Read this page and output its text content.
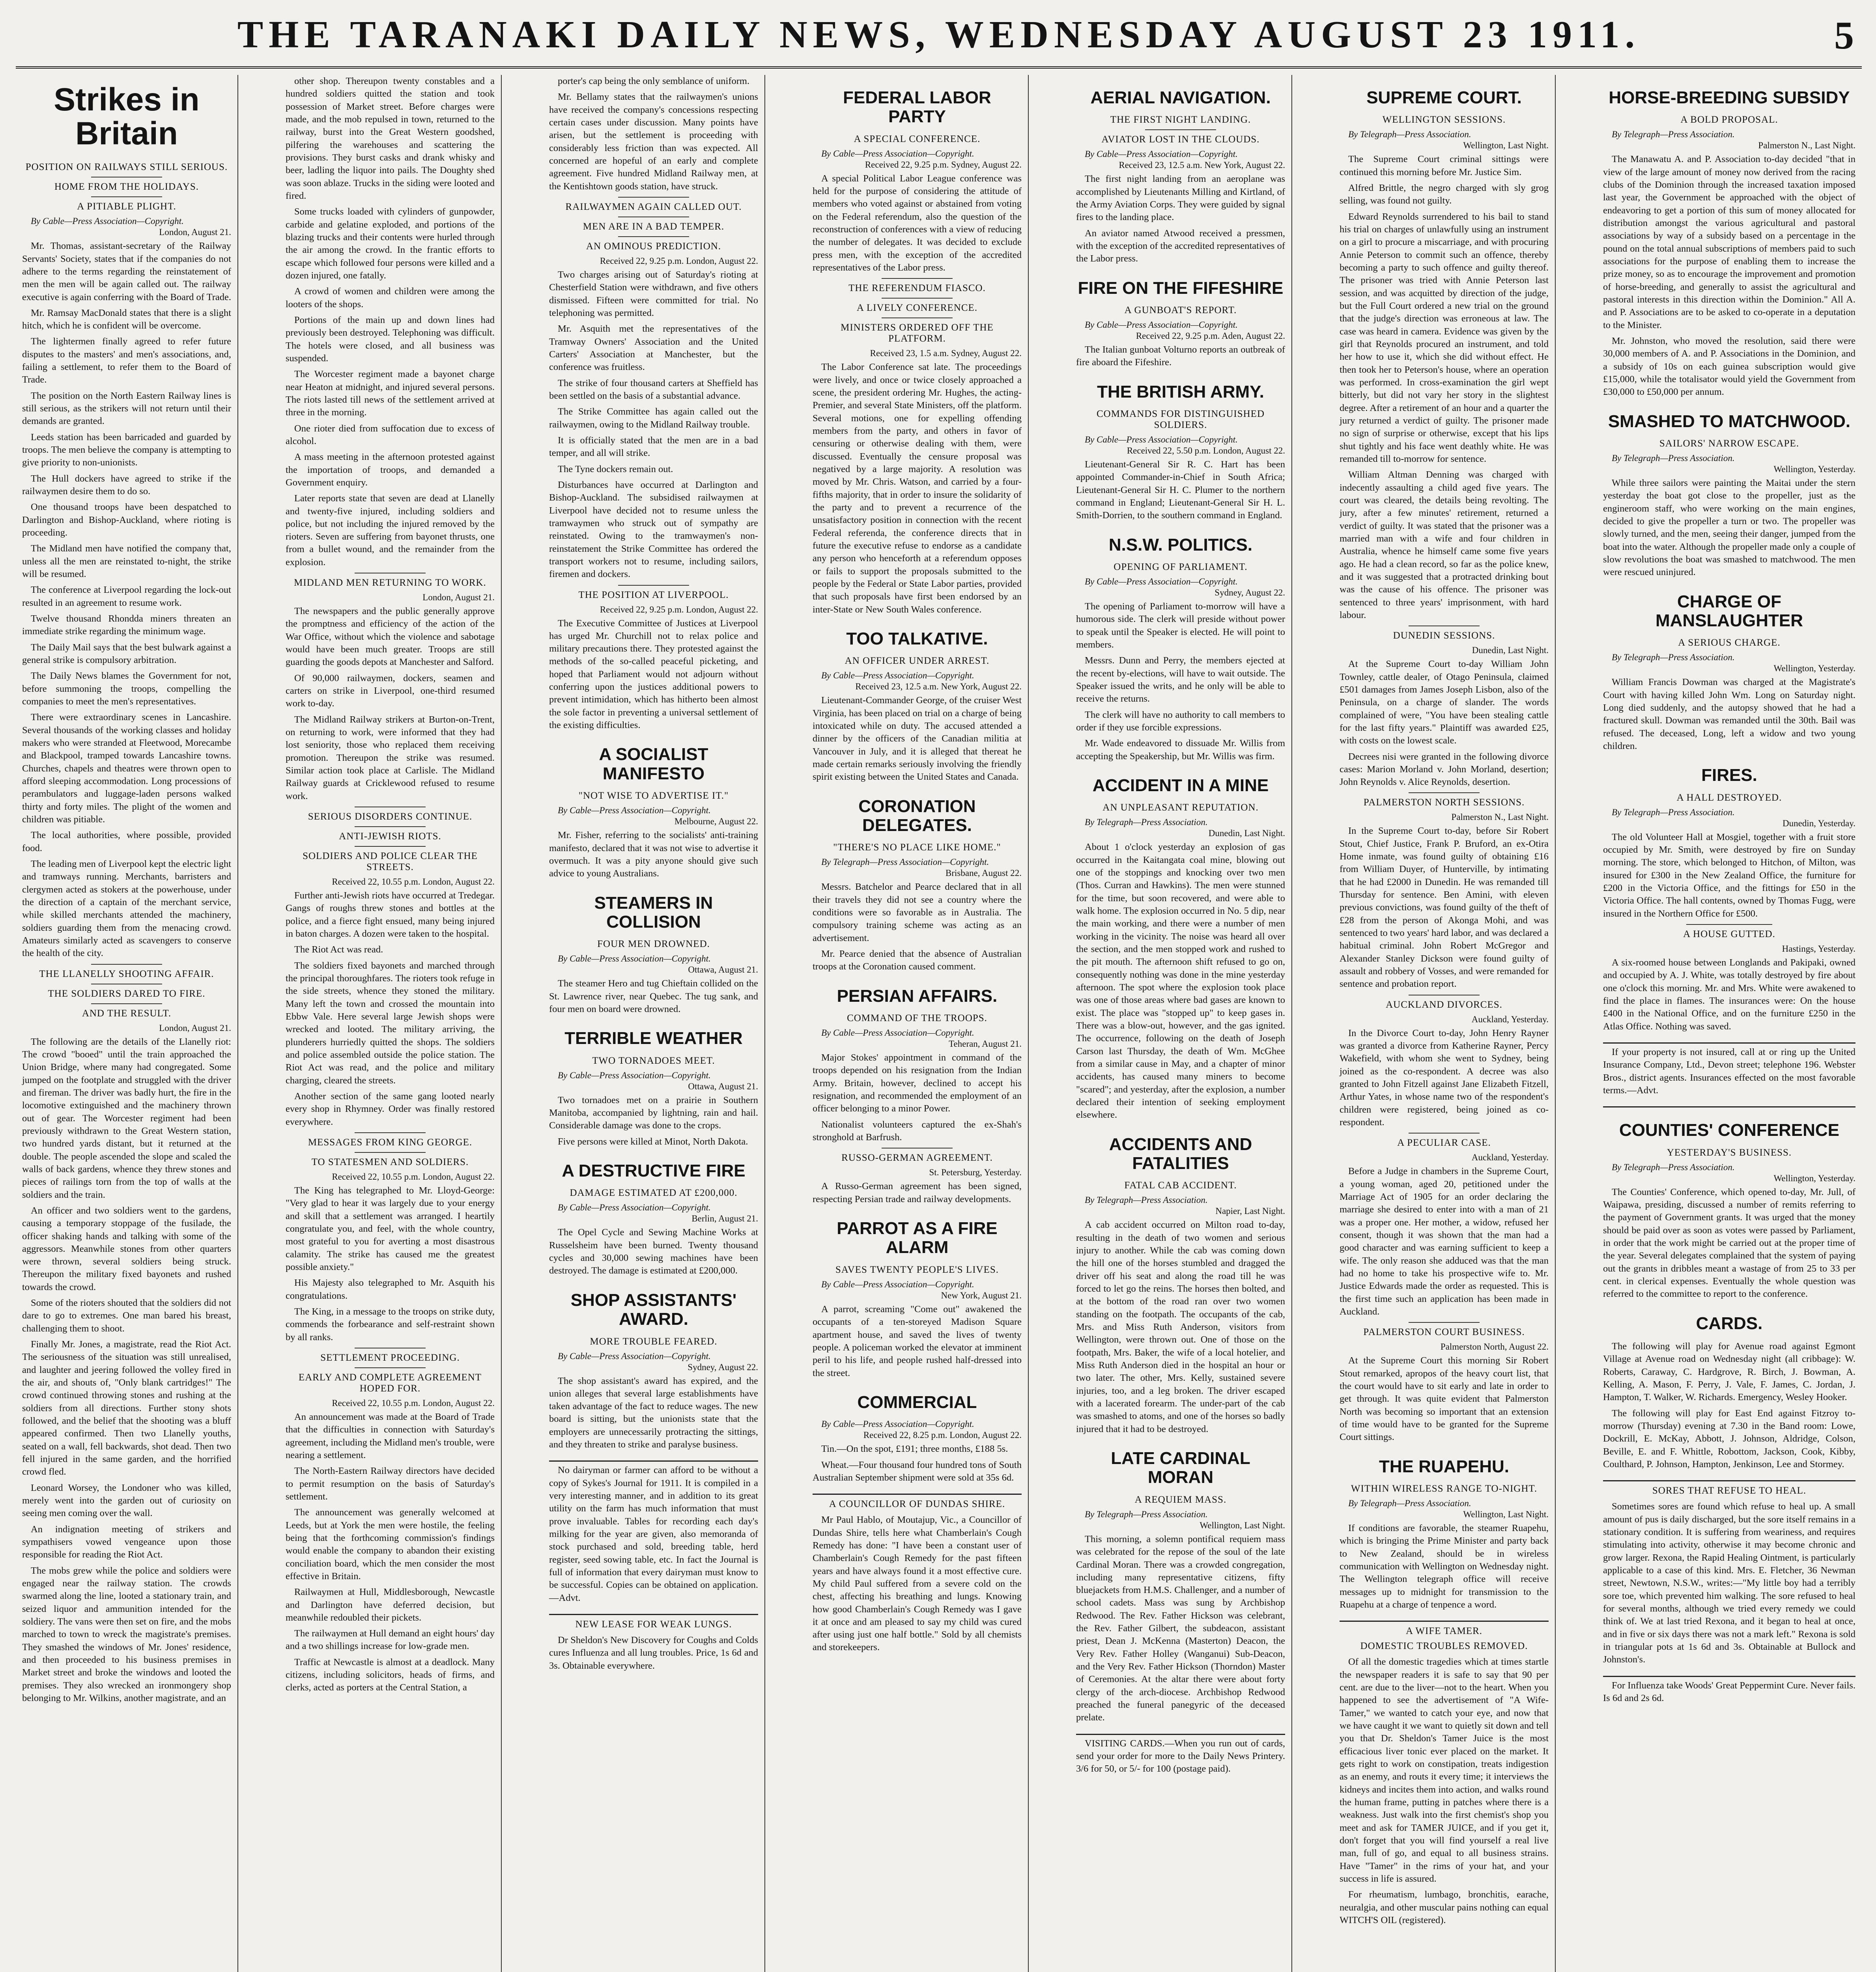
THE TARANAKI DAILY NEWS, WEDNESDAY AUGUST 23 1911.	5
Strikes in Britain
POSITION ON RAILWAYS STILL SERIOUS.
HOME FROM THE HOLIDAYS.
A PITIABLE PLIGHT.
By Cable—Press Association—Copyright.
London, August 21.

Mr. Thomas, assistant-secretary of the Railway Servants' Society, states that if the companies do not adhere to the terms regarding the reinstatement of men the men will be again called out. The railway executive is again conferring with the Board of Trade.

Mr. Ramsay MacDonald states that there is a slight hitch, which he is confident will be overcome.

The lightermen finally agreed to refer future disputes to the masters' and men's associations, and, failing a settlement, to refer them to the Board of Trade.

The position on the North Eastern Railway lines is still serious, as the strikers will not return until their demands are granted.

Leeds station has been barricaded and guarded by troops. The men believe the company is attempting to give priority to non-unionists.

The Hull dockers have agreed to strike if the railwaymen desire them to do so.

One thousand troops have been despatched to Darlington and Bishop-Auckland, where rioting is proceeding.

The Midland men have notified the company that, unless all the men are reinstated to-night, the strike will be resumed.

The conference at Liverpool regarding the lock-out resulted in an agreement to resume work.

Twelve thousand Rhondda miners threaten an immediate strike regarding the minimum wage.

The Daily Mail says that the best bulwark against a general strike is compulsory arbitration.

The Daily News blames the Government for not, before summoning the troops, compelling the companies to meet the men's representatives.

There were extraordinary scenes in Lancashire. Several thousands of the working classes and holiday makers who were stranded at Fleetwood, Morecambe and Blackpool, tramped towards Lancashire towns. Churches, chapels and theatres were thrown open to afford sleeping accommodation. Long processions of perambulators and luggage-laden persons walked thirty and forty miles. The plight of the women and children was pitiable.

The local authorities, where possible, provided food.

The leading men of Liverpool kept the electric light and tramways running. Merchants, barristers and clergymen acted as stokers at the powerhouse, under the direction of a captain of the merchant service, while skilled merchants attended the machinery, soldiers guarding them from the menacing crowd. Amateurs similarly acted as scavengers to conserve the health of the city.

THE LLANELLY SHOOTING AFFAIR.
THE SOLDIERS DARED TO FIRE.
AND THE RESULT.
London, August 21.

The following are the details of the Llanelly riot: The crowd "booed" until the train approached the Union Bridge, where many had congregated. Some jumped on the footplate and struggled with the driver and fireman. The driver was badly hurt, the fire in the locomotive extinguished and the machinery thrown out of gear. The Worcester regiment had been previously withdrawn to the Great Western station, two hundred yards distant, but it returned at the double. The people ascended the slope and scaled the walls of back gardens, whence they threw stones and pieces of railings torn from the top of walls at the soldiers and the train.

An officer and two soldiers went to the gardens, causing a temporary stoppage of the fusilade, the officer shaking hands and talking with some of the aggressors. Meanwhile stones from other quarters were thrown, several soldiers being struck. Thereupon the military fixed bayonets and rushed towards the crowd.

Some of the rioters shouted that the soldiers did not dare to go to extremes. One man bared his breast, challenging them to shoot.

Finally Mr. Jones, a magistrate, read the Riot Act. The seriousness of the situation was still unrealised, and laughter and jeering followed the volley fired in the air, and shouts of, "Only blank cartridges!" The crowd continued throwing stones and rushing at the soldiers from all directions. Further stony shots followed, and the belief that the shooting was a bluff appeared confirmed. Then two Llanelly youths, seated on a wall, fell backwards, shot dead. Then two fell injured in the same garden, and the horrified crowd fled.

Leonard Worsey, the Londoner who was killed, merely went into the garden out of curiosity on seeing men coming over the wall.

An indignation meeting of strikers and sympathisers vowed vengeance upon those responsible for reading the Riot Act.

The mobs grew while the police and soldiers were engaged near the railway station. The crowds swarmed along the line, looted a stationary train, and seized liquor and ammunition intended for the soldiery. The vans were then set on fire, and the mobs marched to town to wreck the magistrate's premises. They smashed the windows of Mr. Jones' residence, and then proceeded to his business premises in Market street and broke the windows and looted the premises. They also wrecked an ironmongery shop belonging to Mr. Wilkins, another magistrate, and an

other shop. Thereupon twenty constables and a hundred soldiers quitted the station and took possession of Market street. Before charges were made, and the mob repulsed in town, returned to the railway, burst into the Great Western goodshed, pilfering the warehouses and scattering the provisions. They burst casks and drank whisky and beer, ladling the liquor into pails. The Doughty shed was soon ablaze. Trucks in the siding were looted and fired.

Some trucks loaded with cylinders of gunpowder, carbide and gelatine exploded, and portions of the blazing trucks and their contents were hurled through the air among the crowd. In the frantic efforts to escape which followed four persons were killed and a dozen injured, one fatally.

A crowd of women and children were among the looters of the shops.

Portions of the main up and down lines had previously been destroyed. Telephoning was difficult. The hotels were closed, and all business was suspended.

The Worcester regiment made a bayonet charge near Heaton at midnight, and injured several persons. The riots lasted till news of the settlement arrived at three in the morning.

One rioter died from suffocation due to excess of alcohol.

A mass meeting in the afternoon protested against the importation of troops, and demanded a Government enquiry.

Later reports state that seven are dead at Llanelly and twenty-five injured, including soldiers and police, but not including the injured removed by the rioters. Seven are suffering from bayonet thrusts, one from a bullet wound, and the remainder from the explosion.

MIDLAND MEN RETURNING TO WORK.
London, August 21.

The newspapers and the public generally approve the promptness and efficiency of the action of the War Office, without which the violence and sabotage would have been much greater. Troops are still guarding the goods depots at Manchester and Salford.

Of 90,000 railwaymen, dockers, seamen and carters on strike in Liverpool, one-third resumed work to-day.

The Midland Railway strikers at Burton-on-Trent, on returning to work, were informed that they had lost seniority, those who replaced them receiving promotion. Thereupon the strike was resumed. Similar action took place at Carlisle. The Midland Railway guards at Cricklewood refused to resume work.

SERIOUS DISORDERS CONTINUE.
ANTI-JEWISH RIOTS.
SOLDIERS AND POLICE CLEAR THE STREETS.
Received 22, 10.55 p.m. London, August 22.

Further anti-Jewish riots have occurred at Tredegar. Gangs of roughs threw stones and bottles at the police, and a fierce fight ensued, many being injured in baton charges. A dozen were taken to the hospital.

The Riot Act was read.

The soldiers fixed bayonets and marched through the principal thoroughfares. The rioters took refuge in the side streets, whence they stoned the military. Many left the town and crossed the mountain into Ebbw Vale. Here several large Jewish shops were wrecked and looted. The military arriving, the plunderers hurriedly quitted the shops. The soldiers and police assembled outside the police station. The Riot Act was read, and the police and military charging, cleared the streets.

Another section of the same gang looted nearly every shop in Rhymney. Order was finally restored everywhere.

MESSAGES FROM KING GEORGE.
TO STATESMEN AND SOLDIERS.
Received 22, 10.55 p.m. London, August 22.

The King has telegraphed to Mr. Lloyd-George: "Very glad to hear it was largely due to your energy and skill that a settlement was arranged. I heartily congratulate you, and feel, with the whole country, most grateful to you for averting a most disastrous calamity. The strike has caused me the greatest possible anxiety."

His Majesty also telegraphed to Mr. Asquith his congratulations.

The King, in a message to the troops on strike duty, commends the forbearance and self-restraint shown by all ranks.

SETTLEMENT PROCEEDING.
EARLY AND COMPLETE AGREEMENT HOPED FOR.
Received 22, 10.55 p.m. London, August 22.

An announcement was made at the Board of Trade that the difficulties in connection with Saturday's agreement, including the Midland men's trouble, were nearing a settlement.

The North-Eastern Railway directors have decided to permit resumption on the basis of Saturday's settlement.

The announcement was generally welcomed at Leeds, but at York the men were hostile, the feeling being that the forthcoming commission's findings would enable the company to abandon their existing conciliation board, which the men consider the most effective in Britain.

Railwaymen at Hull, Middlesborough, Newcastle and Darlington have deferred decision, but meanwhile redoubled their pickets.

The railwaymen at Hull demand an eight hours' day and a two shillings increase for low-grade men.

Traffic at Newcastle is almost at a deadlock. Many citizens, including solicitors, heads of firms, and clerks, acted as porters at the Central Station, a

porter's cap being the only semblance of uniform.

Mr. Bellamy states that the railwaymen's unions have received the company's concessions respecting certain cases under discussion. Many points have arisen, but the settlement is proceeding with considerably less friction than was expected. All concerned are hopeful of an early and complete agreement. Five hundred Midland Railway men, at the Kentishtown goods station, have struck.

RAILWAYMEN AGAIN CALLED OUT.
MEN ARE IN A BAD TEMPER.
AN OMINOUS PREDICTION.
Received 22, 9.25 p.m. London, August 22.

Two charges arising out of Saturday's rioting at Chesterfield Station were withdrawn, and five others dismissed. Fifteen were committed for trial. No telephoning was permitted.

Mr. Asquith met the representatives of the Tramway Owners' Association and the United Carters' Association at Manchester, but the conference was fruitless.

The strike of four thousand carters at Sheffield has been settled on the basis of a substantial advance.

The Strike Committee has again called out the railwaymen, owing to the Midland Railway trouble.

It is officially stated that the men are in a bad temper, and all will strike.

The Tyne dockers remain out.

Disturbances have occurred at Darlington and Bishop-Auckland. The subsidised railwaymen at Liverpool have decided not to resume unless the tramwaymen who struck out of sympathy are reinstated. Owing to the tramwaymen's non-reinstatement the Strike Committee has ordered the transport workers not to resume, including sailors, firemen and dockers.

THE POSITION AT LIVERPOOL.
Received 22, 9.25 p.m. London, August 22.

The Executive Committee of Justices at Liverpool has urged Mr. Churchill not to relax police and military precautions there. They protested against the methods of the so-called peaceful picketing, and hoped that Parliament would not adjourn without conferring upon the justices additional powers to prevent intimidation, which has hitherto been almost the sole factor in preventing a universal settlement of the existing difficulties.

A SOCIALIST MANIFESTO
"NOT WISE TO ADVERTISE IT."
By Cable—Press Association—Copyright.
Melbourne, August 22.

Mr. Fisher, referring to the socialists' anti-training manifesto, declared that it was not wise to advertise it overmuch. It was a pity anyone should give such advice to young Australians.

STEAMERS IN COLLISION
FOUR MEN DROWNED.
By Cable—Press Association—Copyright.
Ottawa, August 21.

The steamer Hero and tug Chieftain collided on the St. Lawrence river, near Quebec. The tug sank, and four men on board were drowned.

TERRIBLE WEATHER
TWO TORNADOES MEET.
By Cable—Press Association—Copyright.
Ottawa, August 21.

Two tornadoes met on a prairie in Southern Manitoba, accompanied by lightning, rain and hail. Considerable damage was done to the crops.

Five persons were killed at Minot, North Dakota.

A DESTRUCTIVE FIRE
DAMAGE ESTIMATED AT £200,000.
By Cable—Press Association—Copyright.
Berlin, August 21.

The Opel Cycle and Sewing Machine Works at Russelsheim have been burned. Twenty thousand cycles and 30,000 sewing machines have been destroyed. The damage is estimated at £200,000.

SHOP ASSISTANTS' AWARD.
MORE TROUBLE FEARED.
By Cable—Press Association—Copyright.
Sydney, August 22.

The shop assistant's award has expired, and the union alleges that several large establishments have taken advantage of the fact to reduce wages. The new board is sitting, but the unionists state that the employers are unnecessarily protracting the sittings, and they threaten to strike and paralyse business.

No dairyman or farmer can afford to be without a copy of Sykes's Journal for 1911. It is compiled in a very interesting manner, and in addition to its great utility on the farm has much information that must prove invaluable. Tables for recording each day's milking for the year are given, also memoranda of stock purchased and sold, breeding table, herd register, seed sowing table, etc. In fact the Journal is full of information that every dairyman must know to be successful. Copies can be obtained on application.—Advt.

NEW LEASE FOR WEAK LUNGS.

Dr Sheldon's New Discovery for Coughs and Colds cures Influenza and all lung troubles. Price, 1s 6d and 3s. Obtainable everywhere.

FEDERAL LABOR PARTY
A SPECIAL CONFERENCE.
By Cable—Press Association—Copyright.
Received 22, 9.25 p.m. Sydney, August 22.

A special Political Labor League conference was held for the purpose of considering the attitude of members who voted against or abstained from voting on the Federal referendum, also the question of the reconstruction of conferences with a view of reducing the number of delegates. It was decided to exclude press men, with the exception of the accredited representatives of the Labor press.

THE REFERENDUM FIASCO.
A LIVELY CONFERENCE.
MINISTERS ORDERED OFF THE PLATFORM.
Received 23, 1.5 a.m. Sydney, August 22.

The Labor Conference sat late. The proceedings were lively, and once or twice closely approached a scene, the president ordering Mr. Hughes, the acting-Premier, and several State Ministers, off the platform. Several motions, one for expelling offending members from the party, and others in favor of censuring or otherwise dealing with them, were discussed. Eventually the censure proposal was negatived by a large majority. A resolution was moved by Mr. Chris. Watson, and carried by a four-fifths majority, that in order to insure the solidarity of the party and to prevent a recurrence of the unsatisfactory position in connection with the recent Federal referenda, the conference directs that in future the executive refuse to endorse as a candidate any person who henceforth at a referendum opposes or fails to support the proposals submitted to the people by the Federal or State Labor parties, provided that such proposals have first been endorsed by an inter-State or New South Wales conference.

TOO TALKATIVE.
AN OFFICER UNDER ARREST.
By Cable—Press Association—Copyright.
Received 23, 12.5 a.m. New York, August 22.

Lieutenant-Commander George, of the cruiser West Virginia, has been placed on trial on a charge of being intoxicated while on duty. The accused attended a dinner by the officers of the Canadian militia at Vancouver in July, and it is alleged that thereat he made certain remarks seriously involving the friendly spirit existing between the United States and Canada.

CORONATION DELEGATES.
"THERE'S NO PLACE LIKE HOME."
By Telegraph—Press Association—Copyright.
Brisbane, August 22.

Messrs. Batchelor and Pearce declared that in all their travels they did not see a country where the conditions were so favorable as in Australia. The compulsory training scheme was acting as an advertisement.

Mr. Pearce denied that the absence of Australian troops at the Coronation caused comment.

PERSIAN AFFAIRS.
COMMAND OF THE TROOPS.
By Cable—Press Association—Copyright.
Teheran, August 21.

Major Stokes' appointment in command of the troops depended on his resignation from the Indian Army. Britain, however, declined to accept his resignation, and recommended the employment of an officer belonging to a minor Power.

Nationalist volunteers captured the ex-Shah's stronghold at Barfrush.

RUSSO-GERMAN AGREEMENT.
St. Petersburg, Yesterday.

A Russo-German agreement has been signed, respecting Persian trade and railway developments.

PARROT AS A FIRE ALARM
SAVES TWENTY PEOPLE'S LIVES.
By Cable—Press Association—Copyright.
New York, August 21.

A parrot, screaming "Come out" awakened the occupants of a ten-storeyed Madison Square apartment house, and saved the lives of twenty people. A policeman worked the elevator at imminent peril to his life, and people rushed half-dressed into the street.

COMMERCIAL
By Cable—Press Association—Copyright.
Received 22, 8.25 p.m. London, August 22.

Tin.—On the spot, £191; three months, £188 5s.

Wheat.—Four thousand four hundred tons of South Australian September shipment were sold at 35s 6d.

A COUNCILLOR OF DUNDAS SHIRE.

Mr Paul Hablo, of Moutajup, Vic., a Councillor of Dundas Shire, tells here what Chamberlain's Cough Remedy has done: "I have been a constant user of Chamberlain's Cough Remedy for the past fifteen years and have always found it a most effective cure. My child Paul suffered from a severe cold on the chest, affecting his breathing and lungs. Knowing how good Chamberlain's Cough Remedy was I gave it at once and am pleased to say my child was cured after using just one half bottle." Sold by all chemists and storekeepers.

AERIAL NAVIGATION.
THE FIRST NIGHT LANDING.
AVIATOR LOST IN THE CLOUDS.
By Cable—Press Association—Copyright.
Received 23, 12.5 a.m. New York, August 22.

The first night landing from an aeroplane was accomplished by Lieutenants Milling and Kirtland, of the Army Aviation Corps. They were guided by signal fires to the landing place.

An aviator named Atwood received a pressmen, with the exception of the accredited representatives of the Labor press.

FIRE ON THE FIFESHIRE
A GUNBOAT'S REPORT.
By Cable—Press Association—Copyright.
Received 22, 9.25 p.m. Aden, August 22.

The Italian gunboat Volturno reports an outbreak of fire aboard the Fifeshire.

THE BRITISH ARMY.
COMMANDS FOR DISTINGUISHED SOLDIERS.
By Cable—Press Association—Copyright.
Received 22, 5.50 p.m. London, August 22.

Lieutenant-General Sir R. C. Hart has been appointed Commander-in-Chief in South Africa; Lieutenant-General Sir H. C. Plumer to the northern command in England; Lieutenant-General Sir H. L. Smith-Dorrien, to the southern command in England.

N.S.W. POLITICS.
OPENING OF PARLIAMENT.
By Cable—Press Association—Copyright.
Sydney, August 22.

The opening of Parliament to-morrow will have a humorous side. The clerk will preside without power to speak until the Speaker is elected. He will point to members.

Messrs. Dunn and Perry, the members ejected at the recent by-elections, will have to wait outside. The Speaker issued the writs, and he only will be able to receive the returns.

The clerk will have no authority to call members to order if they use forcible expressions.

Mr. Wade endeavored to dissuade Mr. Willis from accepting the Speakership, but Mr. Willis was firm.

ACCIDENT IN A MINE
AN UNPLEASANT REPUTATION.
By Telegraph—Press Association.
Dunedin, Last Night.

About 1 o'clock yesterday an explosion of gas occurred in the Kaitangata coal mine, blowing out one of the stoppings and knocking over two men (Thos. Curran and Hawkins). The men were stunned for the time, but soon recovered, and were able to walk home. The explosion occurred in No. 5 dip, near the main working, and there were a number of men working in the vicinity. The noise was heard all over the section, and the men stopped work and rushed to the pit mouth. The afternoon shift refused to go on, consequently nothing was done in the mine yesterday afternoon. The spot where the explosion took place was one of those areas where bad gases are known to exist. The place was "stopped up" to keep gases in. There was a blow-out, however, and the gas ignited. The occurrence, following on the death of Joseph Carson last Thursday, the death of Wm. McGhee from a similar cause in May, and a chapter of minor accidents, has caused many miners to become "scared"; and yesterday, after the explosion, a number declared their intention of seeking employment elsewhere.

ACCIDENTS AND FATALITIES
FATAL CAB ACCIDENT.
By Telegraph—Press Association.
Napier, Last Night.

A cab accident occurred on Milton road to-day, resulting in the death of two women and serious injury to another. While the cab was coming down the hill one of the horses stumbled and dragged the driver off his seat and along the road till he was forced to let go the reins. The horses then bolted, and at the bottom of the road ran over two women standing on the footpath. The occupants of the cab, Mrs. and Miss Ruth Anderson, visitors from Wellington, were thrown out. One of those on the footpath, Mrs. Baker, the wife of a local hotelier, and Miss Ruth Anderson died in the hospital an hour or two later. The other, Mrs. Kelly, sustained severe injuries, too, and a leg broken. The driver escaped with a lacerated forearm. The under-part of the cab was smashed to atoms, and one of the horses so badly injured that it had to be destroyed.

LATE CARDINAL MORAN
A REQUIEM MASS.
By Telegraph—Press Association.
Wellington, Last Night.

This morning, a solemn pontifical requiem mass was celebrated for the repose of the soul of the late Cardinal Moran. There was a crowded congregation, including many representative citizens, fifty bluejackets from H.M.S. Challenger, and a number of school cadets. Mass was sung by Archbishop Redwood. The Rev. Father Hickson was celebrant, the Rev. Father Gilbert, the subdeacon, assistant priest, Dean J. McKenna (Masterton) Deacon, the Very Rev. Father Holley (Wanganui) Sub-Deacon, and the Very Rev. Father Hickson (Thorndon) Master of Ceremonies. At the altar there were about forty clergy of the arch-diocese. Archbishop Redwood preached the funeral panegyric of the deceased prelate.

VISITING CARDS.—When you run out of cards, send your order for more to the Daily News Printery. 3/6 for 50, or 5/- for 100 (postage paid).

SUPREME COURT.
WELLINGTON SESSIONS.
By Telegraph—Press Association.
Wellington, Last Night.

The Supreme Court criminal sittings were continued this morning before Mr. Justice Sim.

Alfred Brittle, the negro charged with sly grog selling, was found not guilty.

Edward Reynolds surrendered to his bail to stand his trial on charges of unlawfully using an instrument on a girl to procure a miscarriage, and with procuring Annie Peterson to commit such an offence, thereby becoming a party to such offence and guilty thereof. The prisoner was tried with Annie Peterson last session, and was acquitted by direction of the judge, but the Full Court ordered a new trial on the ground that the judge's direction was erroneous at law. The case was heard in camera. Evidence was given by the girl that Reynolds procured an instrument, and told her how to use it, which she did without effect. He then took her to Peterson's house, where an operation was performed. In cross-examination the girl wept bitterly, but did not vary her story in the slightest degree. After a retirement of an hour and a quarter the jury returned a verdict of guilty. The prisoner made no sign of surprise or otherwise, except that his lips shut tightly and his face went deathly white. He was remanded till to-morrow for sentence.

William Altman Denning was charged with indecently assaulting a child aged five years. The court was cleared, the details being revolting. The jury, after a few minutes' retirement, returned a verdict of guilty. It was stated that the prisoner was a married man with a wife and four children in Australia, whence he himself came some five years ago. He had a clean record, so far as the police knew, and it was suggested that a protracted drinking bout was the cause of his offence. The prisoner was sentenced to three years' imprisonment, with hard labour.

DUNEDIN SESSIONS.
Dunedin, Last Night.

At the Supreme Court to-day William John Townley, cattle dealer, of Otago Peninsula, claimed £501 damages from James Joseph Lisbon, also of the Peninsula, on a charge of slander. The words complained of were, "You have been stealing cattle for the last fifty years." Plaintiff was awarded £25, with costs on the lowest scale.

Decrees nisi were granted in the following divorce cases: Marion Morland v. John Morland, desertion; John Reynolds v. Alice Reynolds, desertion.

PALMERSTON NORTH SESSIONS.
Palmerston N., Last Night.

In the Supreme Court to-day, before Sir Robert Stout, Chief Justice, Frank P. Bruford, an ex-Otira Home inmate, was found guilty of obtaining £16 from William Duyer, of Hunterville, by intimating that he had £2000 in Dunedin. He was remanded till Thursday for sentence. Ben Amini, with eleven previous convictions, was found guilty of the theft of £28 from the person of Akonga Mohi, and was sentenced to two years' hard labor, and was declared a habitual criminal. John Robert McGregor and Alexander Stanley Dickson were found guilty of assault and robbery of Vosses, and were remanded for sentence and probation report.

AUCKLAND DIVORCES.
Auckland, Yesterday.

In the Divorce Court to-day, John Henry Rayner was granted a divorce from Katherine Rayner, Percy Wakefield, with whom she went to Sydney, being joined as the co-respondent. A decree was also granted to John Fitzell against Jane Elizabeth Fitzell, Arthur Yates, in whose name two of the respondent's children were registered, being joined as co-respondent.

A PECULIAR CASE.
Auckland, Yesterday.

Before a Judge in chambers in the Supreme Court, a young woman, aged 20, petitioned under the Marriage Act of 1905 for an order declaring the marriage she desired to enter into with a man of 21 was a proper one. Her mother, a widow, refused her consent, though it was shown that the man had a good character and was earning sufficient to keep a wife. The only reason she adduced was that the man had no home to take his prospective wife to. Mr. Justice Edwards made the order as requested. This is the first time such an application has been made in Auckland.

PALMERSTON COURT BUSINESS.
Palmerston North, August 22.

At the Supreme Court this morning Sir Robert Stout remarked, apropos of the heavy court list, that the court would have to sit early and late in order to get through. It was quite evident that Palmerston North was becoming so important that an extension of time would have to be granted for the Supreme Court sittings.

THE RUAPEHU.
WITHIN WIRELESS RANGE TO-NIGHT.
By Telegraph—Press Association.
Wellington, Last Night.

If conditions are favorable, the steamer Ruapehu, which is bringing the Prime Minister and party back to New Zealand, should be in wireless communication with Wellington on Wednesday night. The Wellington telegraph office will receive messages up to midnight for transmission to the Ruapehu at a charge of tenpence a word.

A WIFE TAMER.
DOMESTIC TROUBLES REMOVED.

Of all the domestic tragedies which at times startle the newspaper readers it is safe to say that 90 per cent. are due to the liver—not to the heart. When you happened to see the advertisement of "A Wife-Tamer," we wanted to catch your eye, and now that we have caught it we want to quietly sit down and tell you that Dr. Sheldon's Tamer Juice is the most efficacious liver tonic ever placed on the market. It gets right to work on constipation, treats indigestion as an enemy, and routs it every time; it interviews the kidneys and incites them into action, and walks round the human frame, putting in patches where there is a weakness. Just walk into the first chemist's shop you meet and ask for TAMER JUICE, and if you get it, don't forget that you will find yourself a real live man, full of go, and equal to all business strains. Have "Tamer" in the rims of your hat, and your success in life is assured.

For rheumatism, lumbago, bronchitis, earache, neuralgia, and other muscular pains nothing can equal WITCH'S OIL (registered).

HORSE-BREEDING SUBSIDY
A BOLD PROPOSAL.
By Telegraph—Press Association.
Palmerston N., Last Night.

The Manawatu A. and P. Association to-day decided "that in view of the large amount of money now derived from the racing clubs of the Dominion through the increased taxation imposed last year, the Government be approached with the object of endeavoring to get a portion of this sum of money allocated for distribution amongst the various agricultural and pastoral associations by way of a subsidy based on a percentage in the pound on the total annual subscriptions of members paid to such associations for the purpose of enabling them to increase the prize money, so as to encourage the improvement and promotion of horse-breeding, and generally to assist the agricultural and pastoral interests in this direction within the Dominion." All A. and P. Associations are to be asked to co-operate in a deputation to the Minister.

Mr. Johnston, who moved the resolution, said there were 30,000 members of A. and P. Associations in the Dominion, and a subsidy of 10s on each guinea subscription would give £15,000, while the totalisator would yield the Government from £30,000 to £50,000 per annum.

SMASHED TO MATCHWOOD.
SAILORS' NARROW ESCAPE.
By Telegraph—Press Association.
Wellington, Yesterday.

While three sailors were painting the Maitai under the stern yesterday the boat got close to the propeller, just as the engineroom staff, who were working on the main engines, decided to give the propeller a turn or two. The propeller was slowly turned, and the men, seeing their danger, jumped from the boat into the water. Although the propeller made only a couple of slow revolutions the boat was smashed to matchwood. The men were rescued uninjured.

CHARGE OF MANSLAUGHTER
A SERIOUS CHARGE.
By Telegraph—Press Association.
Wellington, Yesterday.

William Francis Dowman was charged at the Magistrate's Court with having killed John Wm. Long on Saturday night. Long died suddenly, and the autopsy showed that he had a fractured skull. Dowman was remanded until the 30th. Bail was refused. The deceased, Long, left a widow and two young children.

FIRES.
A HALL DESTROYED.
By Telegraph—Press Association.
Dunedin, Yesterday.

The old Volunteer Hall at Mosgiel, together with a fruit store occupied by Mr. Smith, were destroyed by fire on Sunday morning. The store, which belonged to Hitchon, of Milton, was insured for £300 in the New Zealand Office, the furniture for £200 in the Victoria Office, and the fittings for £50 in the Victoria Office. The hall contents, owned by Thomas Fugg, were insured in the Northern Office for £500.

A HOUSE GUTTED.
Hastings, Yesterday.

A six-roomed house between Longlands and Pakipaki, owned and occupied by A. J. White, was totally destroyed by fire about one o'clock this morning. Mr. and Mrs. White were awakened to find the place in flames. The insurances were: On the house £400 in the National Office, and on the furniture £250 in the Atlas Office. Nothing was saved.

If your property is not insured, call at or ring up the United Insurance Company, Ltd., Devon street; telephone 196. Webster Bros., district agents. Insurances effected on the most favorable terms.—Advt.

COUNTIES' CONFERENCE
YESTERDAY'S BUSINESS.
By Telegraph—Press Association.
Wellington, Yesterday.

The Counties' Conference, which opened to-day, Mr. Jull, of Waipawa, presiding, discussed a number of remits referring to the payment of Government grants. It was urged that the money should be paid over as soon as votes were passed by Parliament, in order that the work might be carried out at the proper time of the year. Several delegates complained that the system of paying out the grants in dribbles meant a wastage of from 25 to 33 per cent. in clerical expenses. Eventually the whole question was referred to the committee to report to the conference.

CARDS.

The following will play for Avenue road against Egmont Village at Avenue road on Wednesday night (all cribbage): W. Roberts, Caraway, C. Hardgrove, R. Birch, J. Bowman, A. Kelling, A. Mason, F. Perry, J. Vale, F. James, C. Jordan, J. Hampton, T. Walker, W. Richards. Emergency, Wesley Hooker.

The following will play for East End against Fitzroy to-morrow (Thursday) evening at 7.30 in the Band room: Lowe, Dockrill, E. McKay, Abbott, J. Johnson, Aldridge, Colson, Beville, E. and F. Whittle, Robottom, Jackson, Cook, Kibby, Coulthard, P. Johnson, Hampton, Jenkinson, Lee and Stormey.

SORES THAT REFUSE TO HEAL.

Sometimes sores are found which refuse to heal up. A small amount of pus is daily discharged, but the sore itself remains in a stationary condition. It is suffering from weariness, and requires stimulating into activity, otherwise it may become chronic and grow larger. Rexona, the Rapid Healing Ointment, is particularly applicable to a case of this kind. Mrs. E. Fletcher, 36 Newman street, Newtown, N.S.W., writes:—"My little boy had a terribly sore toe, which prevented him walking. The sore refused to heal for several months, although we tried every remedy we could think of. We at last tried Rexona, and it began to heal at once, and in five or six days there was not a mark left." Rexona is sold in triangular pots at 1s 6d and 3s. Obtainable at Bullock and Johnston's.

For Influenza take Woods' Great Peppermint Cure. Never fails. Is 6d and 2s 6d.
